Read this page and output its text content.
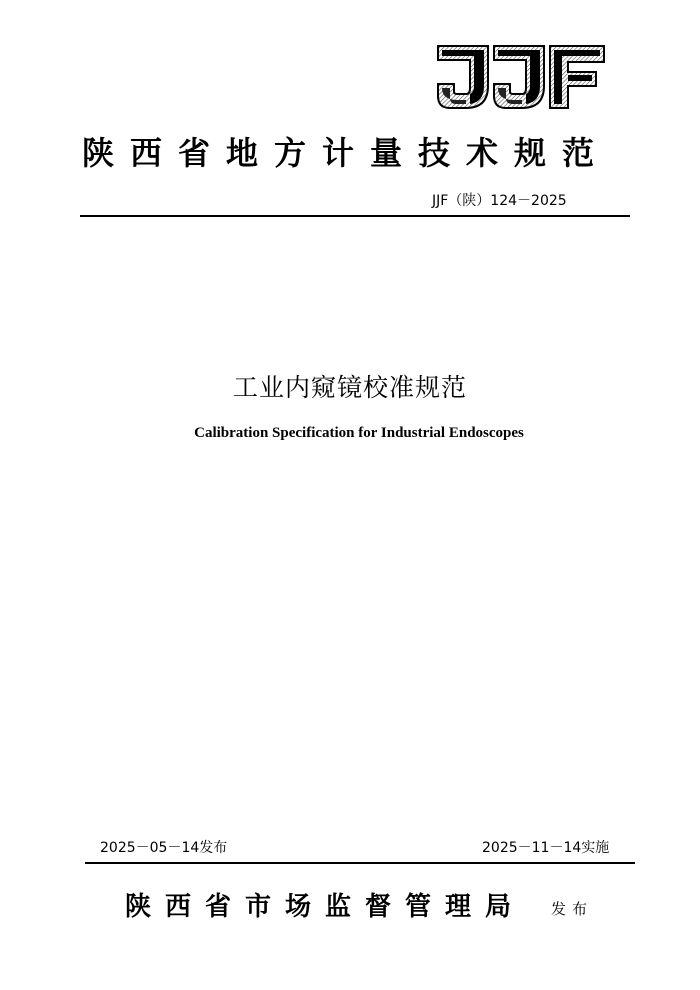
陕西省地方计量技术规范
JJF（陕）124－2025
工业内窥镜校准规范
Calibration Specification for Industrial Endoscopes
2025－05－14发布	2025－11－14实施
陕西省市场监督管理局 发布
